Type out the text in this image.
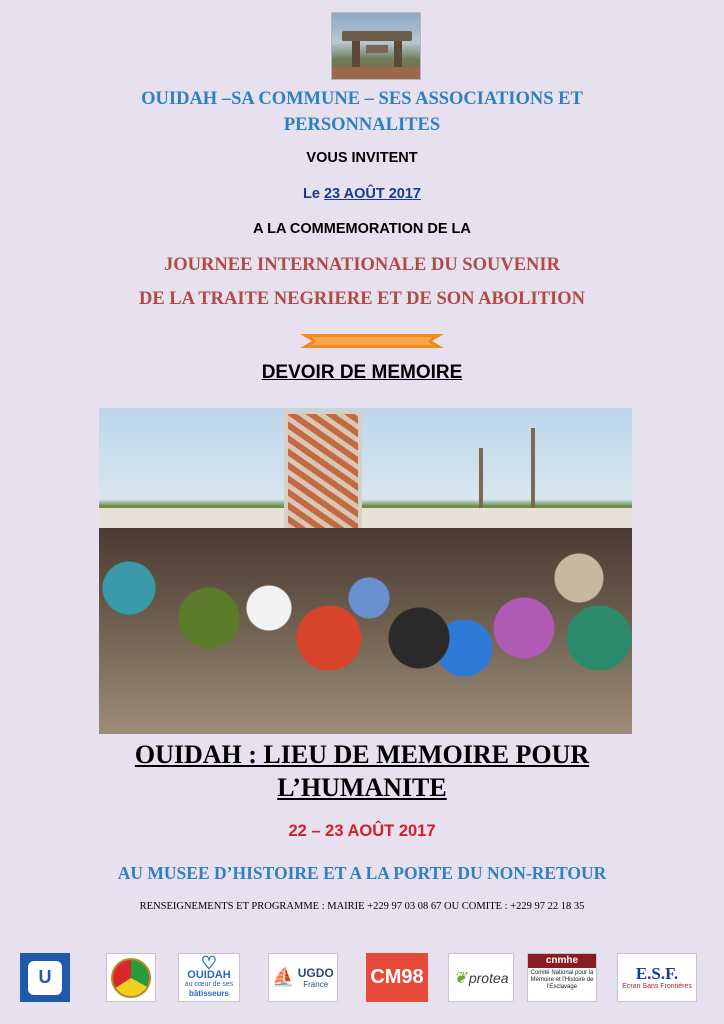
OUIDAH –SA COMMUNE – SES ASSOCIATIONS ET
PERSONNALITES
VOUS INVITENT
Le 23 AOÛT 2017
A LA COMMEMORATION DE LA
JOURNEE INTERNATIONALE DU SOUVENIR
DE LA TRAITE NEGRIERE ET DE SON ABOLITION
DEVOIR DE MEMOIRE
OUIDAH : LIEU DE MEMOIRE POUR
L’HUMANITE
22 – 23 AOÛT 2017
AU MUSEE D’HISTOIRE ET A LA PORTE DU NON-RETOUR
RENSEIGNEMENTS ET PROGRAMME : MAIRIE +229 97 03 08 67 OU COMITE : +229 97 22 18 35
U
♡
OUIDAH
au cœur de ses
bâtisseurs
⛵ UGDO
France CM98 ❦ protea
cnmhe
Comité National pour la Mémoire et l'Histoire de l'Esclavage
E.S.F.
Ecran Sans Frontières
